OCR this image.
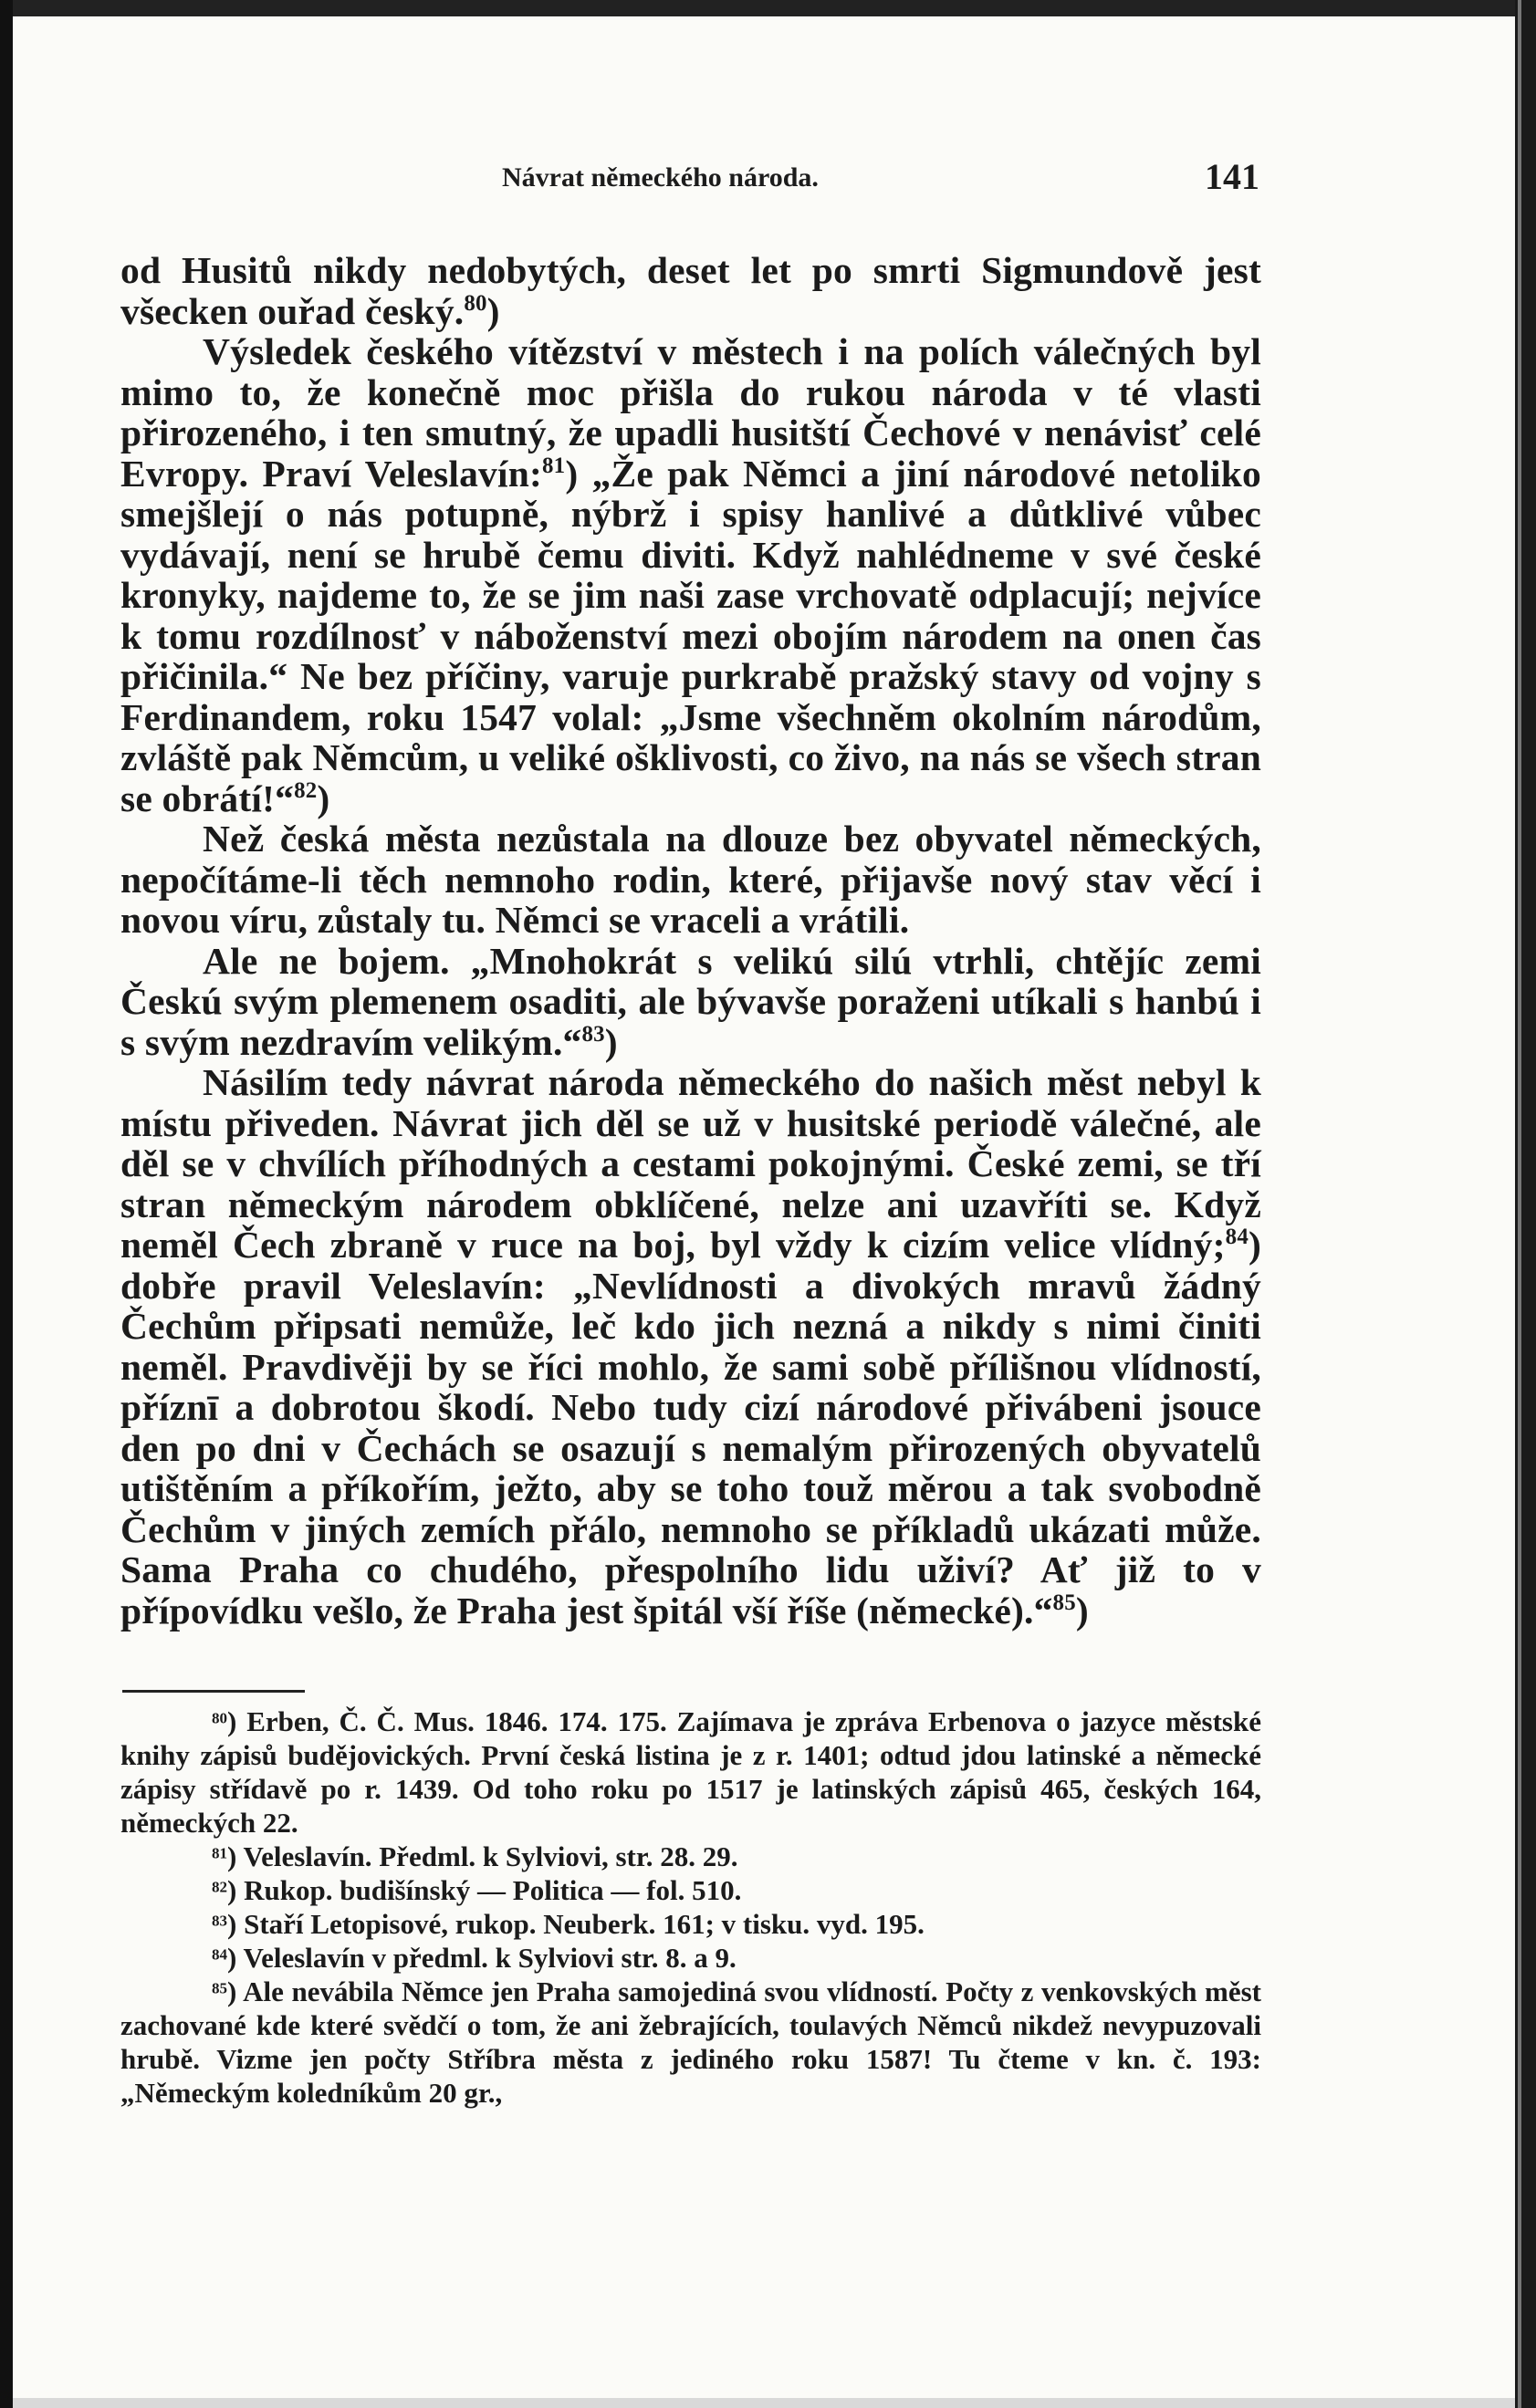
Návrat německého národa.	141

od Husitů nikdy nedobytých, deset let po smrti Sigmundově jest všecken ouřad český.$^{80}$)

Výsledek českého vítězství v městech i na polích válečných byl mimo to, že konečně moc přišla do rukou národa v té vlasti přirozeného, i ten smutný, že upadli husitští Čechové v nenávisť celé Evropy. Praví Veleslavín:$^{81}$) „Že pak Němci a jiní národové netoliko smejšlejí o nás potupně, nýbrž i spisy hanlivé a důtklivé vůbec vydávají, není se hrubě čemu diviti. Když nahlédneme v své české kronyky, najdeme to, že se jim naši zase vrchovatě odplacují; nejvíce k tomu rozdílnosť v náboženství mezi obojím národem na onen čas přičinila.“ Ne bez příčiny, varuje purkrabě pražský stavy od vojny s Ferdinandem, roku 1547 volal: „Jsme všechněm okolním národům, zvláště pak Němcům, u veliké ošklivosti, co živo, na nás se všech stran se obrátí!“$^{82}$)

Než česká města nezůstala na dlouze bez obyvatel německých, nepočítáme-li těch nemnoho rodin, které, přijavše nový stav věcí i novou víru, zůstaly tu. Němci se vraceli a vrátili.

Ale ne bojem. „Mnohokrát s velikú silú vtrhli, chtějíc zemi Českú svým plemenem osaditi, ale bývavše poraženi utíkali s hanbú i s svým nezdravím velikým.“$^{83}$)

Násilím tedy návrat národa německého do našich měst nebyl k místu přiveden. Návrat jich děl se už v husitské periodě válečné, ale děl se v chvílích příhodných a cestami pokojnými. České zemi, se tří stran německým národem obklíčené, nelze ani uzavříti se. Když neměl Čech zbraně v ruce na boj, byl vždy k cizím velice vlídný;$^{84}$) dobře pravil Veleslavín: „Nevlídnosti a divokých mravů žádný Čechům připsati nemůže, leč kdo jich nezná a nikdy s nimi činiti neměl. Pravdivěji by se říci mohlo, že sami sobě přílišnou vlídností, příznī a dobrotou škodí. Nebo tudy cizí národové přivábeni jsouce den po dni v Čechách se osazují s nemalým přirozených obyvatelů utištěním a příkořím, ježto, aby se toho touž měrou a tak svobodně Čechům v jiných zemích přálo, nemnoho se příkladů ukázati může. Sama Praha co chudého, přespolního lidu uživí? Ať již to v přípovídku vešlo, že Praha jest špitál vší říše (německé).“$^{85}$)

$^{80}$) Erben, Č. Č. Mus. 1846. 174. 175. Zajímava je zpráva Erbenova o jazyce městské knihy zápisů budějovických. První česká listina je z r. 1401; odtud jdou latinské a německé zápisy střídavě po r. 1439. Od toho roku po 1517 je latinských zápisů 465, českých 164, německých 22.

$^{81}$) Veleslavín. Předml. k Sylviovi, str. 28. 29.

$^{82}$) Rukop. budišínský — Politica — fol. 510.

$^{83}$) Staří Letopisové, rukop. Neuberk. 161; v tisku. vyd. 195.

$^{84}$) Veleslavín v předml. k Sylviovi str. 8. a 9.

$^{85}$) Ale nevábila Němce jen Praha samojediná svou vlídností. Počty z venkovských měst zachované kde které svědčí o tom, že ani žebrajících, toulavých Němců nikdež nevypuzovali hrubě. Vizme jen počty Stříbra města z jediného roku 1587! Tu čteme v kn. č. 193: „Německým koledníkům 20 gr.,
